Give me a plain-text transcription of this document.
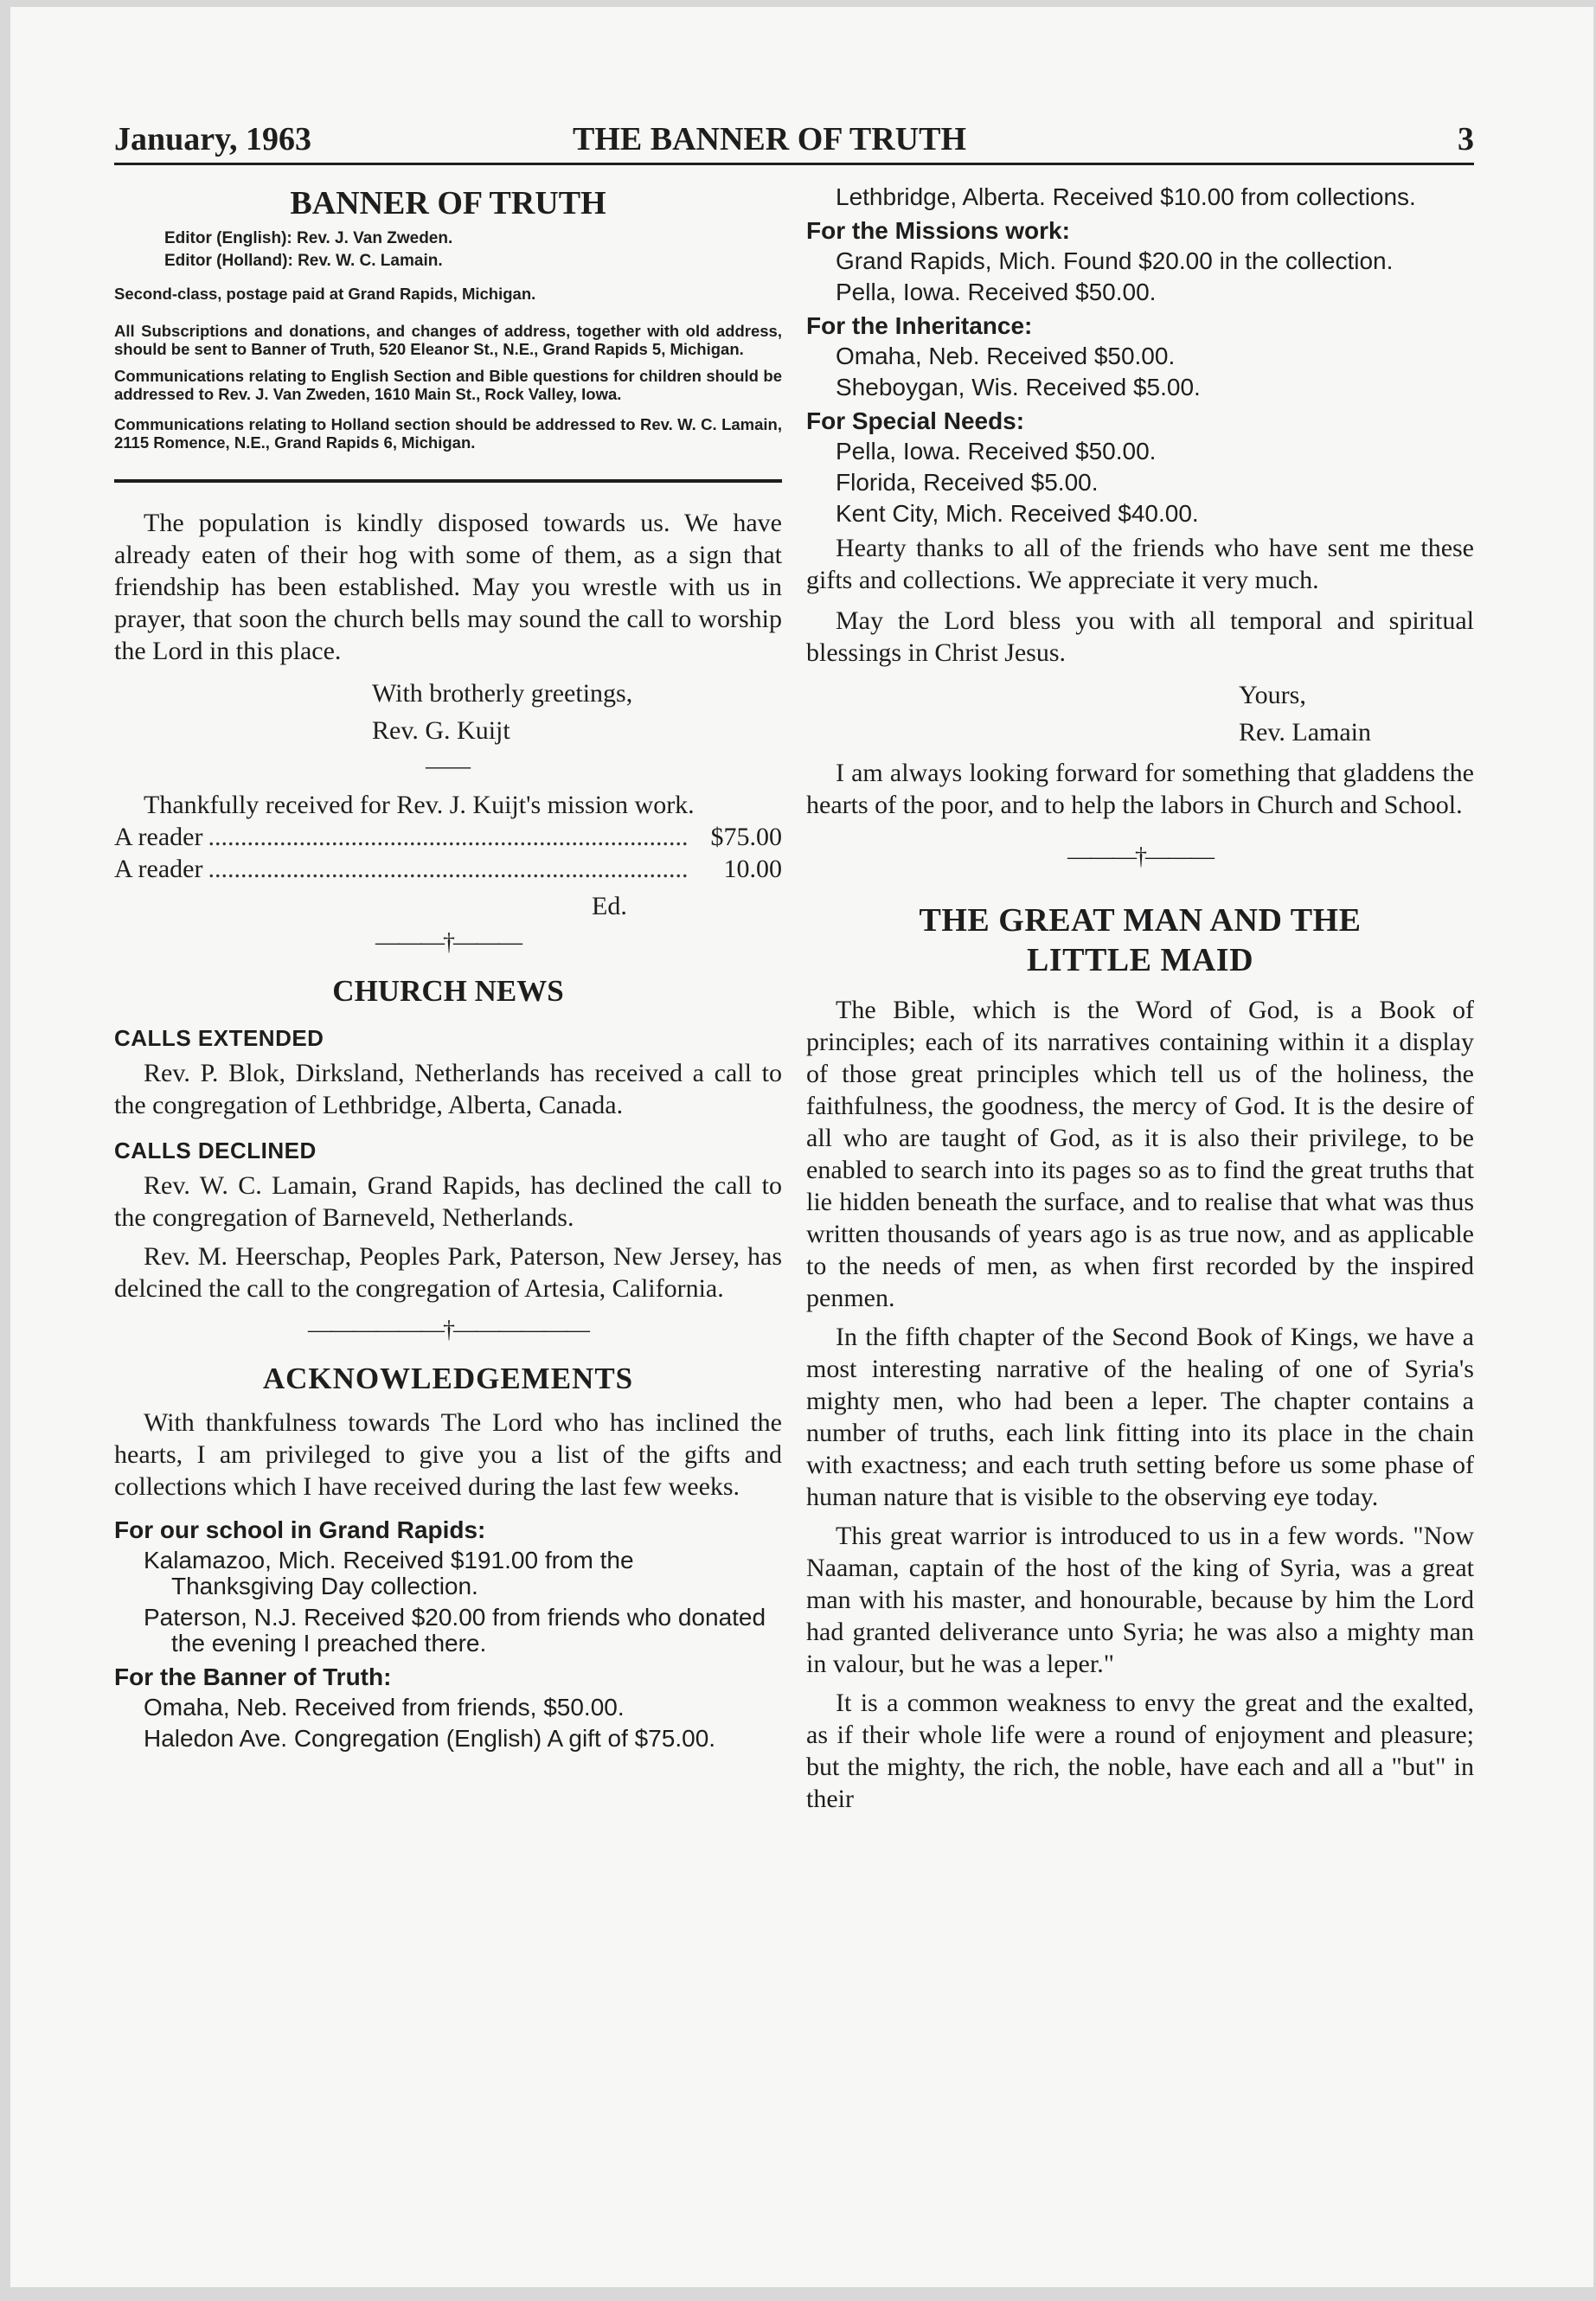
January, 1963	THE BANNER OF TRUTH	3
BANNER OF TRUTH
Editor (English): Rev. J. Van Zweden.
Editor (Holland): Rev. W. C. Lamain.
Second-class, postage paid at Grand Rapids, Michigan.
All Subscriptions and donations, and changes of address, together with old address, should be sent to Banner of Truth, 520 Eleanor St., N.E., Grand Rapids 5, Michigan.
Communications relating to English Section and Bible questions for children should be addressed to Rev. J. Van Zweden, 1610 Main St., Rock Valley, Iowa.
Communications relating to Holland section should be addressed to Rev. W. C. Lamain, 2115 Romence, N.E., Grand Rapids 6, Michigan.

The population is kindly disposed towards us. We have already eaten of their hog with some of them, as a sign that friendship has been established. May you wrestle with us in prayer, that soon the church bells may sound the call to worship the Lord in this place.

With brotherly greetings,

Rev. G. Kuijt

——

Thankfully received for Rev. J. Kuijt's mission work.

A reader .......................................................................... $75.00
A reader ..........................................................................	10.00

Ed.

———†———
CHURCH NEWS
CALLS EXTENDED

Rev. P. Blok, Dirksland, Netherlands has received a call to the congregation of Lethbridge, Alberta, Canada.

CALLS DECLINED

Rev. W. C. Lamain, Grand Rapids, has declined the call to the congregation of Barneveld, Netherlands.

Rev. M. Heerschap, Peoples Park, Paterson, New Jersey, has delcined the call to the congregation of Artesia, California.

——————†——————
ACKNOWLEDGEMENTS

With thankfulness towards The Lord who has inclined the hearts, I am privileged to give you a list of the gifts and collections which I have received during the last few weeks.

For our school in Grand Rapids:

Kalamazoo, Mich. Received $191.00 from the Thanksgiving Day collection.

Paterson, N.J. Received $20.00 from friends who donated the evening I preached there.

For the Banner of Truth:

Omaha, Neb. Received from friends, $50.00.

Haledon Ave. Congregation (English) A gift of $75.00.

Lethbridge, Alberta. Received $10.00 from collections.

For the Missions work:

Grand Rapids, Mich. Found $20.00 in the collection.

Pella, Iowa. Received $50.00.

For the Inheritance:

Omaha, Neb. Received $50.00.

Sheboygan, Wis. Received $5.00.

For Special Needs:

Pella, Iowa. Received $50.00.

Florida, Received $5.00.

Kent City, Mich. Received $40.00.

Hearty thanks to all of the friends who have sent me these gifts and collections. We appreciate it very much.

May the Lord bless you with all temporal and spiritual blessings in Christ Jesus.

Yours,

Rev. Lamain

I am always looking forward for something that gladdens the hearts of the poor, and to help the labors in Church and School.

———†———
THE GREAT MAN AND THE
LITTLE MAID

The Bible, which is the Word of God, is a Book of principles; each of its narratives containing within it a display of those great principles which tell us of the holiness, the faithfulness, the goodness, the mercy of God. It is the desire of all who are taught of God, as it is also their privilege, to be enabled to search into its pages so as to find the great truths that lie hidden beneath the surface, and to realise that what was thus written thousands of years ago is as true now, and as applicable to the needs of men, as when first recorded by the inspired penmen.

In the fifth chapter of the Second Book of Kings, we have a most interesting narrative of the healing of one of Syria's mighty men, who had been a leper. The chapter contains a number of truths, each link fitting into its place in the chain with exactness; and each truth setting before us some phase of human nature that is visible to the observing eye today.

This great warrior is introduced to us in a few words. "Now Naaman, captain of the host of the king of Syria, was a great man with his master, and honourable, because by him the Lord had granted deliverance unto Syria; he was also a mighty man in valour, but he was a leper."

It is a common weakness to envy the great and the exalted, as if their whole life were a round of enjoyment and pleasure; but the mighty, the rich, the noble, have each and all a "but" in their
